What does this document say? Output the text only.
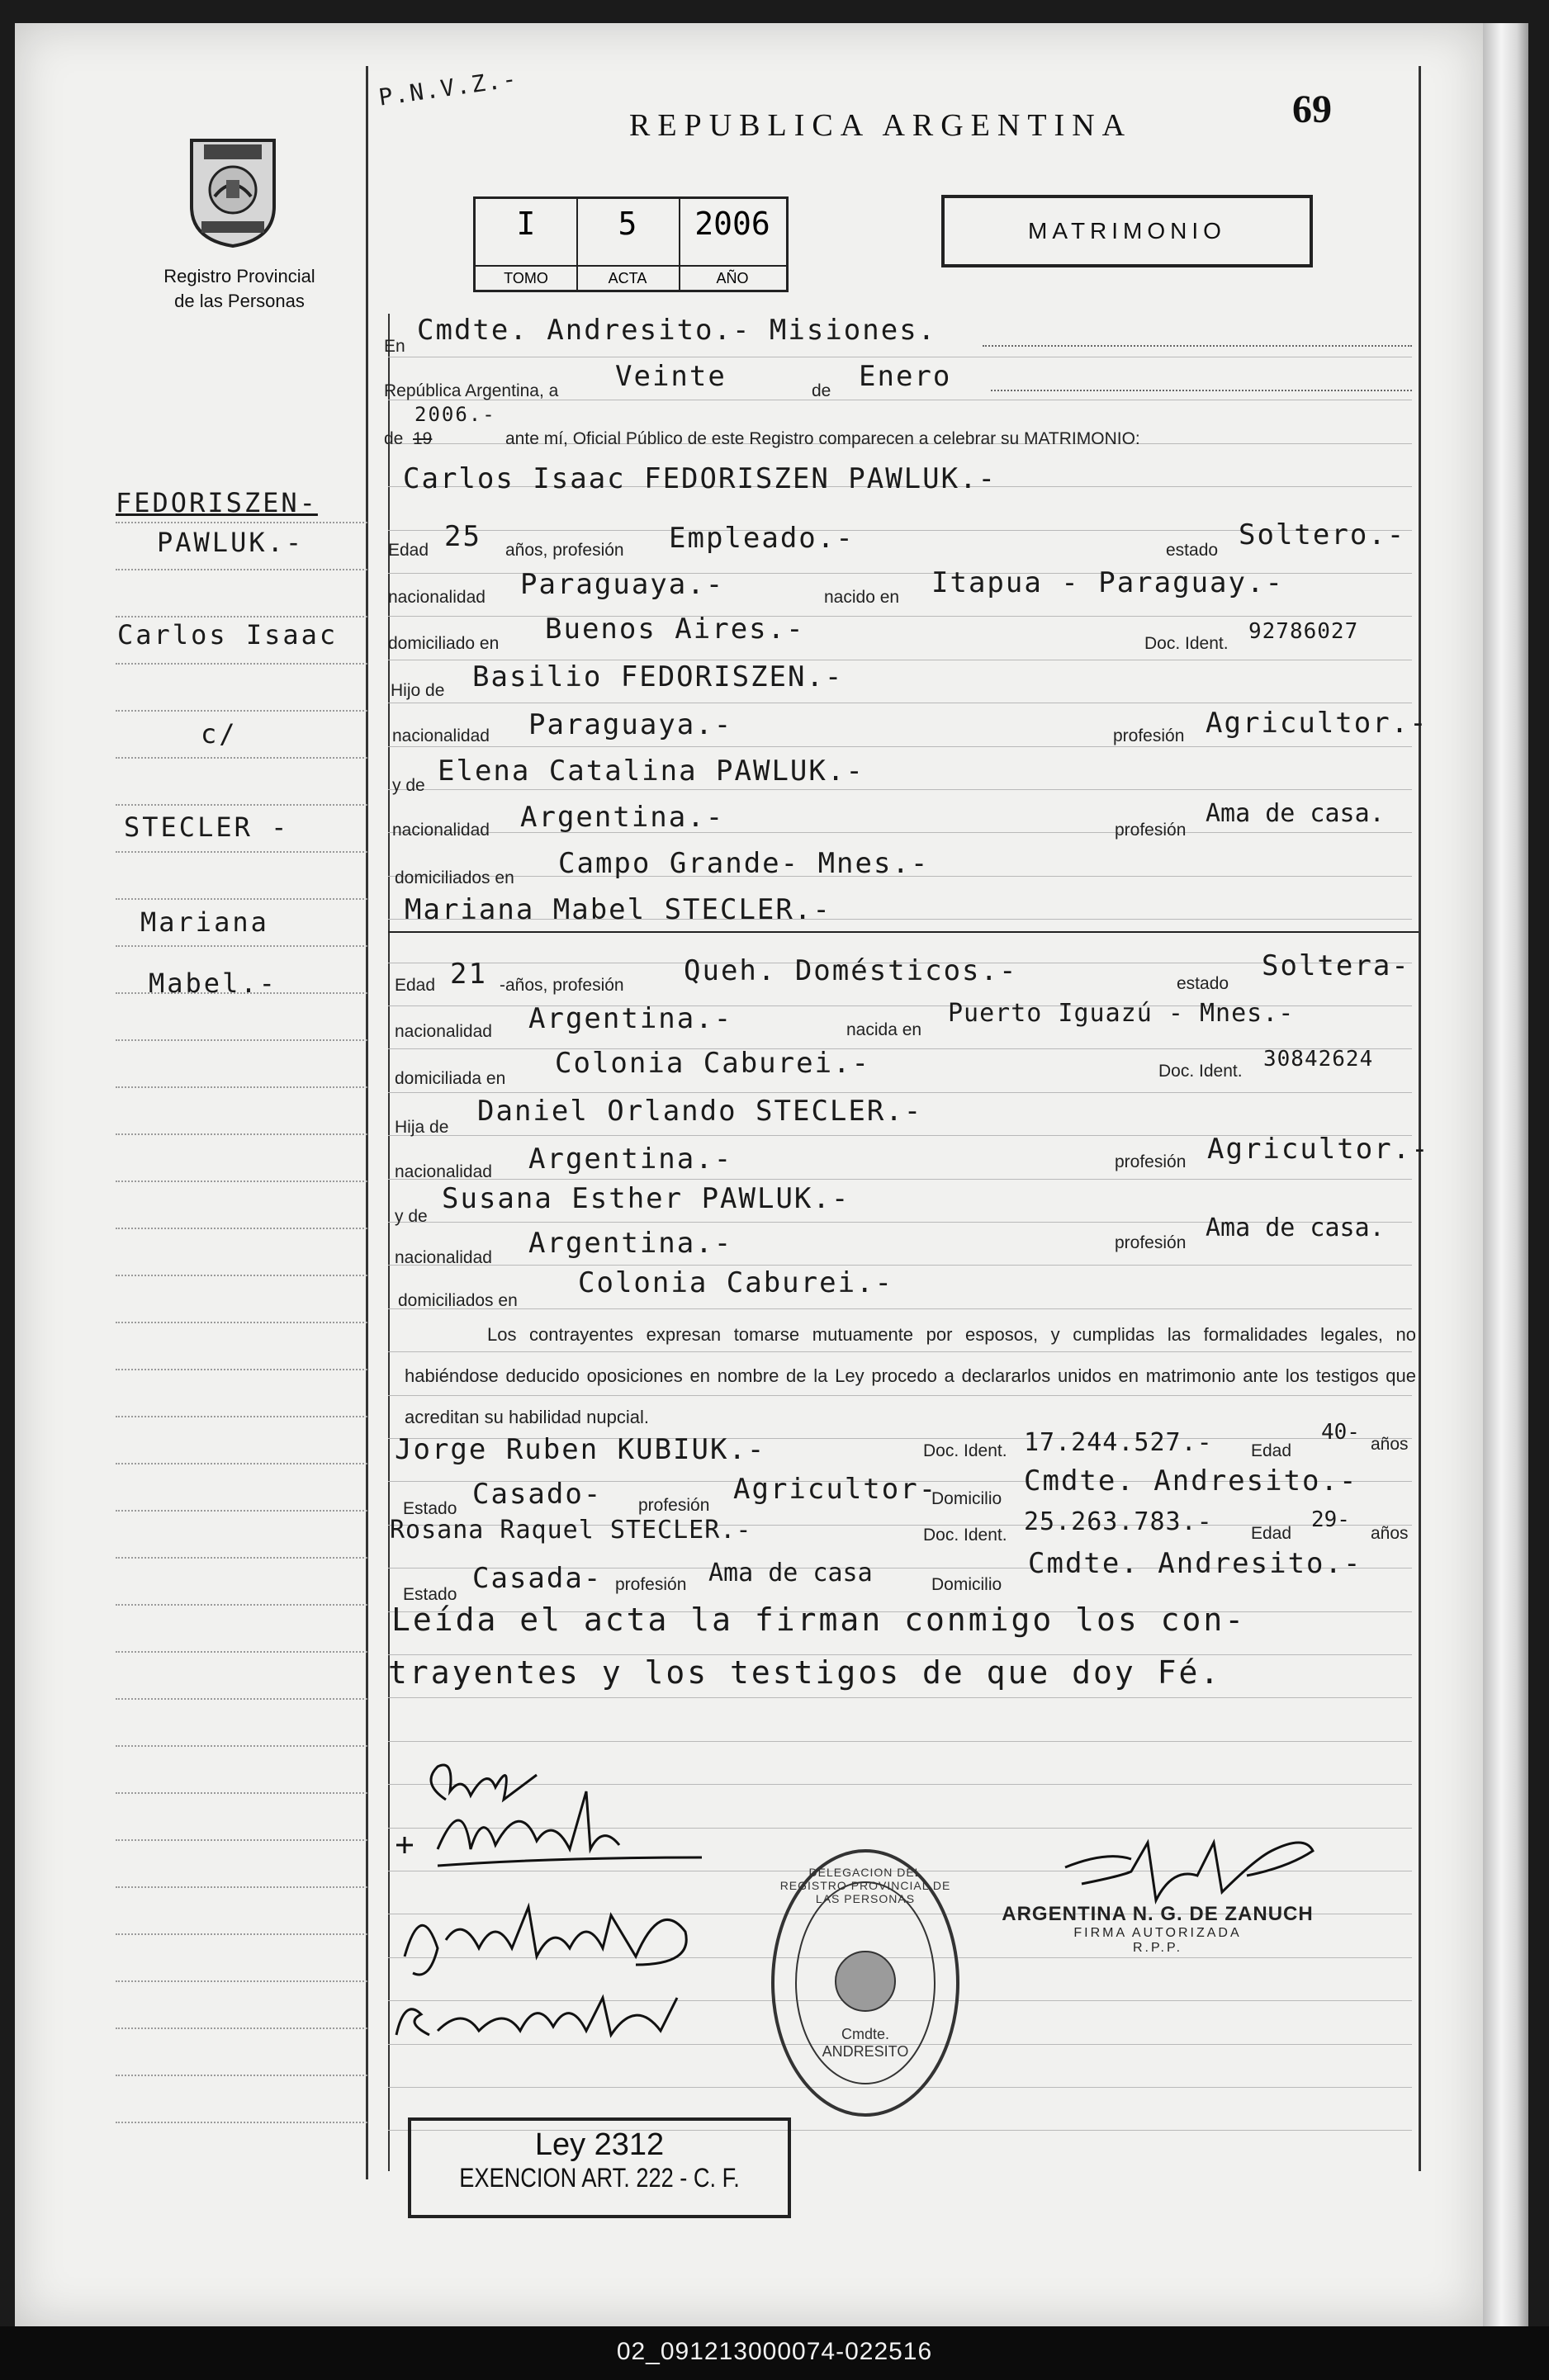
P.N.V.Z.-
REPUBLICA ARGENTINA	69
Registro Provincial
de las Personas
I
TOMO
5
ACTA
2006
AÑO
MATRIMONIO
FEDORISZEN-
PAWLUK.-
Carlos Isaac
c/
STECLER -
Mariana
Mabel.-
En Cmdte. Andresito.- Misiones.
República Argentina, a Veinte	de Enero
de
2006.-
19	ante mí, Oficial Público de este Registro comparecen a celebrar su MATRIMONIO:
Carlos Isaac FEDORISZEN PAWLUK.-
Edad 25 años, profesión Empleado.-	estado Soltero.-
nacionalidad Paraguaya.-	nacido en Itapua - Paraguay.-
domiciliado en Buenos Aires.-	Doc. Ident. 92786027
Hijo de Basilio FEDORISZEN.-
nacionalidad Paraguaya.-	profesión Agricultor.-
y de Elena Catalina PAWLUK.-
nacionalidad Argentina.-	profesión
Ama de casa.
domiciliados en Campo Grande- Mnes.-
Mariana Mabel STECLER.-
Edad 21 -años, profesión Queh. Domésticos.-	estado
Soltera-
nacionalidad Argentina.-	nacida en
Puerto Iguazú - Mnes.-
domiciliada en Colonia Caburei.-	Doc. Ident. 30842624
Hija de Daniel Orlando STECLER.-
nacionalidad Argentina.-	profesión Agricultor.-
y de
Susana Esther PAWLUK.-
nacionalidad Argentina.-	profesión
Ama de casa.
domiciliados en
Colonia Caburei.-
Los contrayentes expresan tomarse mutuamente por esposos, y cumplidas las formalidades legales, no habiéndose deducido oposiciones en nombre de la Ley procedo a declararlos unidos en matrimonio ante los testigos que acreditan su habilidad nupcial.
Jorge Ruben KUBIUK.-	Doc. Ident. 17.244.527.- Edad
40- años
Estado Casado- profesión Agricultor-
Domicilio
Cmdte. Andresito.-
Rosana Raquel STECLER.-	Doc. Ident. 25.263.783.- Edad
29-
años
Estado Casada- profesión Ama de casa	Domicilio
Cmdte. Andresito.-
Leída el acta la firman conmigo los con-
trayentes y los testigos de que doy Fé.
DELEGACION DEL REGISTRO PROVINCIAL DE LAS PERSONAS
Cmdte. ANDRESITO
ARGENTINA N. G. DE ZANUCH
FIRMA AUTORIZADA
R.P.P.
Ley 2312
EXENCION ART. 222 - C. F.
02_091213000074-022516
